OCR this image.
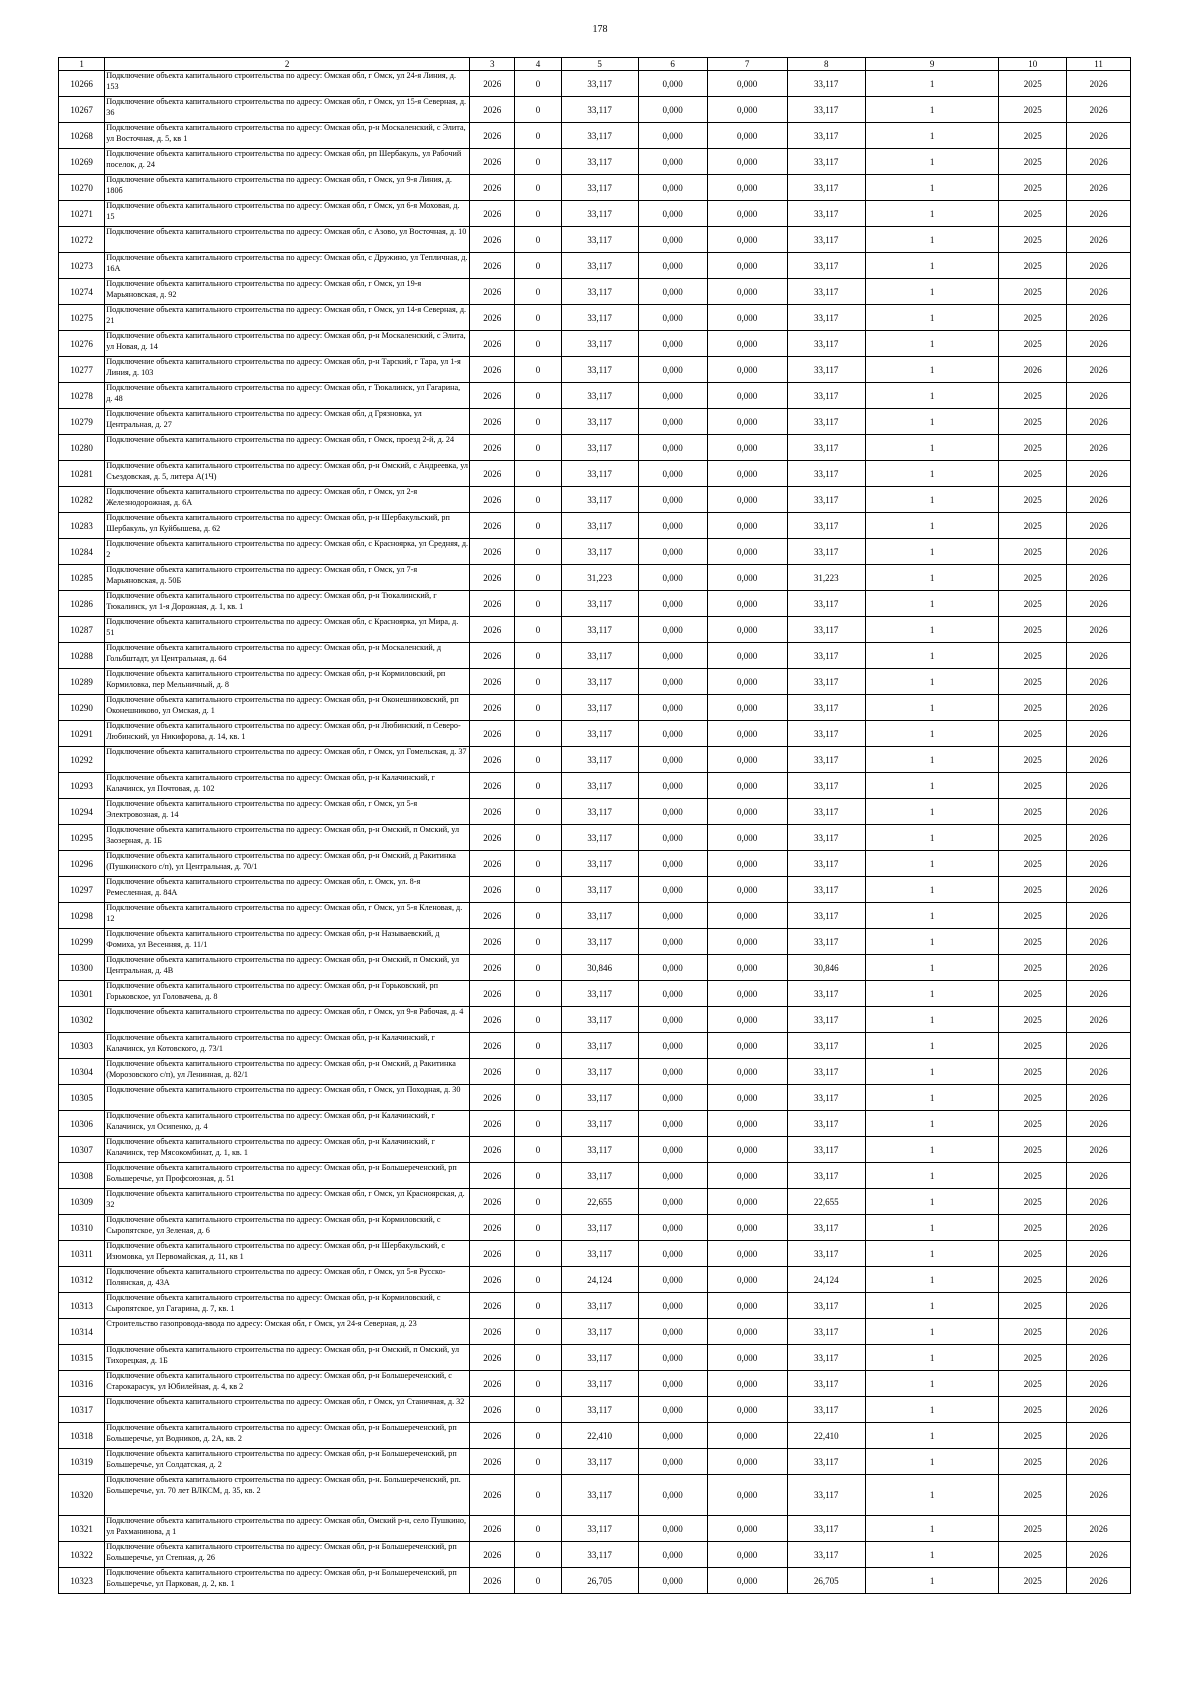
178
1	2	3	4	5	6	7	8	9	10	11
10266	Подключение объекта капитального строительства по адресу: Омская обл, г Омск, ул 24-я Линия, д. 153	2026	0	33,117	0,000	0,000	33,117	1	2025	2026
10267	Подключение объекта капитального строительства по адресу: Омская обл, г Омск, ул 15-я Северная, д. 36	2026	0	33,117	0,000	0,000	33,117	1	2025	2026
10268	Подключение объекта капитального строительства по адресу: Омская обл, р-н Москаленский, с Элита, ул Восточная, д. 5, кв 1	2026	0	33,117	0,000	0,000	33,117	1	2025	2026
10269	Подключение объекта капитального строительства по адресу: Омская обл, рп Шербакуль, ул Рабочий поселок, д. 24	2026	0	33,117	0,000	0,000	33,117	1	2025	2026
10270	Подключение объекта капитального строительства по адресу: Омская обл, г Омск, ул 9-я Линия, д. 180б	2026	0	33,117	0,000	0,000	33,117	1	2025	2026
10271	Подключение объекта капитального строительства по адресу: Омская обл, г Омск, ул 6-я Моховая, д. 15	2026	0	33,117	0,000	0,000	33,117	1	2025	2026
10272	Подключение объекта капитального строительства по адресу: Омская обл, с Азово, ул Восточная, д. 10	2026	0	33,117	0,000	0,000	33,117	1	2025	2026
10273	Подключение объекта капитального строительства по адресу: Омская обл, с Дружино, ул Тепличная, д. 16А	2026	0	33,117	0,000	0,000	33,117	1	2025	2026
10274	Подключение объекта капитального строительства по адресу: Омская обл, г Омск, ул 19-я Марьяновская, д. 92	2026	0	33,117	0,000	0,000	33,117	1	2025	2026
10275	Подключение объекта капитального строительства по адресу: Омская обл, г Омск, ул 14-я Северная, д. 21	2026	0	33,117	0,000	0,000	33,117	1	2025	2026
10276	Подключение объекта капитального строительства по адресу: Омская обл, р-н Москаленский, с Элита, ул Новая, д. 14	2026	0	33,117	0,000	0,000	33,117	1	2025	2026
10277	Подключение объекта капитального строительства по адресу: Омская обл, р-н Тарский, г Тара, ул 1-я Линия, д. 103	2026	0	33,117	0,000	0,000	33,117	1	2026	2026
10278	Подключение объекта капитального строительства по адресу: Омская обл, г Тюкалинск, ул Гагарина, д. 48	2026	0	33,117	0,000	0,000	33,117	1	2025	2026
10279	Подключение объекта капитального строительства по адресу: Омская обл, д Грязновка, ул Центральная, д. 27	2026	0	33,117	0,000	0,000	33,117	1	2025	2026
10280	Подключение объекта капитального строительства по адресу: Омская обл, г Омск, проезд 2-й, д. 24	2026	0	33,117	0,000	0,000	33,117	1	2025	2026
10281	Подключение объекта капитального строительства по адресу: Омская обл, р-н Омский, с Андреевка, ул Съездовская, д. 5, литера А(1Ч)	2026	0	33,117	0,000	0,000	33,117	1	2025	2026
10282	Подключение объекта капитального строительства по адресу: Омская обл, г Омск, ул 2-я Железнодорожная, д. 6А	2026	0	33,117	0,000	0,000	33,117	1	2025	2026
10283	Подключение объекта капитального строительства по адресу: Омская обл, р-н Шербакульский, рп Шербакуль, ул Куйбышева, д. 62	2026	0	33,117	0,000	0,000	33,117	1	2025	2026
10284	Подключение объекта капитального строительства по адресу: Омская обл, с Красноярка, ул Средняя, д. 2	2026	0	33,117	0,000	0,000	33,117	1	2025	2026
10285	Подключение объекта капитального строительства по адресу: Омская обл, г Омск, ул 7-я Марьяновская, д. 50Б	2026	0	31,223	0,000	0,000	31,223	1	2025	2026
10286	Подключение объекта капитального строительства по адресу: Омская обл, р-н Тюкалинский, г Тюкалинск, ул 1-я Дорожная, д. 1, кв. 1	2026	0	33,117	0,000	0,000	33,117	1	2025	2026
10287	Подключение объекта капитального строительства по адресу: Омская обл, с Красноярка, ул Мира, д. 51	2026	0	33,117	0,000	0,000	33,117	1	2025	2026
10288	Подключение объекта капитального строительства по адресу: Омская обл, р-н Москаленский, д Гольбштадт, ул Центральная, д. 64	2026	0	33,117	0,000	0,000	33,117	1	2025	2026
10289	Подключение объекта капитального строительства по адресу: Омская обл, р-н Кормиловский, рп Кормиловка, пер Мельничный, д. 8	2026	0	33,117	0,000	0,000	33,117	1	2025	2026
10290	Подключение объекта капитального строительства по адресу: Омская обл, р-н Оконешниковский, рп Оконешниково, ул Омская, д. 1	2026	0	33,117	0,000	0,000	33,117	1	2025	2026
10291	Подключение объекта капитального строительства по адресу: Омская обл, р-н Любинский, п Северо-Любинский, ул Никифорова, д. 14, кв. 1	2026	0	33,117	0,000	0,000	33,117	1	2025	2026
10292	Подключение объекта капитального строительства по адресу: Омская обл, г Омск, ул Гомельская, д. 37	2026	0	33,117	0,000	0,000	33,117	1	2025	2026
10293	Подключение объекта капитального строительства по адресу: Омская обл, р-н Калачинский, г Калачинск, ул Почтовая, д. 102	2026	0	33,117	0,000	0,000	33,117	1	2025	2026
10294	Подключение объекта капитального строительства по адресу: Омская обл, г Омск, ул 5-я Электровозная, д. 14	2026	0	33,117	0,000	0,000	33,117	1	2025	2026
10295	Подключение объекта капитального строительства по адресу: Омская обл, р-н Омский, п Омский, ул Заозерная, д. 1Б	2026	0	33,117	0,000	0,000	33,117	1	2025	2026
10296	Подключение объекта капитального строительства по адресу: Омская обл, р-н Омский, д Ракитинка (Пушкинского с/п), ул Центральная, д. 70/1	2026	0	33,117	0,000	0,000	33,117	1	2025	2026
10297	Подключение объекта капитального строительства по адресу: Омская обл, г. Омск, ул. 8-я Ремесленная, д. 84А	2026	0	33,117	0,000	0,000	33,117	1	2025	2026
10298	Подключение объекта капитального строительства по адресу: Омская обл, г Омск, ул 5-я Кленовая, д. 12	2026	0	33,117	0,000	0,000	33,117	1	2025	2026
10299	Подключение объекта капитального строительства по адресу: Омская обл, р-н Называевский, д Фомиха, ул Весенняя, д. 11/1	2026	0	33,117	0,000	0,000	33,117	1	2025	2026
10300	Подключение объекта капитального строительства по адресу: Омская обл, р-н Омский, п Омский, ул Центральная, д. 4В	2026	0	30,846	0,000	0,000	30,846	1	2025	2026
10301	Подключение объекта капитального строительства по адресу: Омская обл, р-н Горьковский, рп Горьковское, ул Головачева, д. 8	2026	0	33,117	0,000	0,000	33,117	1	2025	2026
10302	Подключение объекта капитального строительства по адресу: Омская обл, г Омск, ул 9-я Рабочая, д. 4	2026	0	33,117	0,000	0,000	33,117	1	2025	2026
10303	Подключение объекта капитального строительства по адресу: Омская обл, р-н Калачинский, г Калачинск, ул Котовского, д. 73/1	2026	0	33,117	0,000	0,000	33,117	1	2025	2026
10304	Подключение объекта капитального строительства по адресу: Омская обл, р-н Омский, д Ракитинка (Морозовского с/п), ул Ленинная, д. 82/1	2026	0	33,117	0,000	0,000	33,117	1	2025	2026
10305	Подключение объекта капитального строительства по адресу: Омская обл, г Омск, ул Походная, д. 30	2026	0	33,117	0,000	0,000	33,117	1	2025	2026
10306	Подключение объекта капитального строительства по адресу: Омская обл, р-н Калачинский, г Калачинск, ул Осипенко, д. 4	2026	0	33,117	0,000	0,000	33,117	1	2025	2026
10307	Подключение объекта капитального строительства по адресу: Омская обл, р-н Калачинский, г Калачинск, тер Мясокомбинат, д. 1, кв. 1	2026	0	33,117	0,000	0,000	33,117	1	2025	2026
10308	Подключение объекта капитального строительства по адресу: Омская обл, р-н Большереченский, рп Большеречье, ул Профсоюзная, д. 51	2026	0	33,117	0,000	0,000	33,117	1	2025	2026
10309	Подключение объекта капитального строительства по адресу: Омская обл, г Омск, ул Красноярская, д. 32	2026	0	22,655	0,000	0,000	22,655	1	2025	2026
10310	Подключение объекта капитального строительства по адресу: Омская обл, р-н Кормиловский, с Сыропятское, ул Зеленая, д. 6	2026	0	33,117	0,000	0,000	33,117	1	2025	2026
10311	Подключение объекта капитального строительства по адресу: Омская обл, р-н Шербакульский, с Изюмовка, ул Первомайская, д. 11, кв 1	2026	0	33,117	0,000	0,000	33,117	1	2025	2026
10312	Подключение объекта капитального строительства по адресу: Омская обл, г Омск, ул 5-я Русско-Полянская, д. 43А	2026	0	24,124	0,000	0,000	24,124	1	2025	2026
10313	Подключение объекта капитального строительства по адресу: Омская обл, р-н Кормиловский, с Сыропятское, ул Гагарина, д. 7, кв. 1	2026	0	33,117	0,000	0,000	33,117	1	2025	2026
10314	Строительство газопровода-ввода по адресу: Омская обл, г Омск, ул 24-я Северная, д. 23	2026	0	33,117	0,000	0,000	33,117	1	2025	2026
10315	Подключение объекта капитального строительства по адресу: Омская обл, р-н Омский, п Омский, ул Тихорецкая, д. 1Б	2026	0	33,117	0,000	0,000	33,117	1	2025	2026
10316	Подключение объекта капитального строительства по адресу: Омская обл, р-н Большереченский, с Старокарасук, ул Юбилейная, д. 4, кв 2	2026	0	33,117	0,000	0,000	33,117	1	2025	2026
10317	Подключение объекта капитального строительства по адресу: Омская обл, г Омск, ул Станичная, д. 32	2026	0	33,117	0,000	0,000	33,117	1	2025	2026
10318	Подключение объекта капитального строительства по адресу: Омская обл, р-н Большереченский, рп Большеречье, ул Водников, д. 2А, кв. 2	2026	0	22,410	0,000	0,000	22,410	1	2025	2026
10319	Подключение объекта капитального строительства по адресу: Омская обл, р-н Большереченский, рп Большеречье, ул Солдатская, д. 2	2026	0	33,117	0,000	0,000	33,117	1	2025	2026
10320	Подключение объекта капитального строительства по адресу: Омская обл, р-н. Большереченский, рп. Большеречье, ул. 70 лет ВЛКСМ, д. 35, кв. 2	2026	0	33,117	0,000	0,000	33,117	1	2025	2026
10321	Подключение объекта капитального строительства по адресу: Омская обл, Омский р-н, село Пушкино, ул Рахманинова, д 1	2026	0	33,117	0,000	0,000	33,117	1	2025	2026
10322	Подключение объекта капитального строительства по адресу: Омская обл, р-н Большереченский, рп Большеречье, ул Степная, д. 26	2026	0	33,117	0,000	0,000	33,117	1	2025	2026
10323	Подключение объекта капитального строительства по адресу: Омская обл, р-н Большереченский, рп Большеречье, ул Парковая, д. 2, кв. 1	2026	0	26,705	0,000	0,000	26,705	1	2025	2026
